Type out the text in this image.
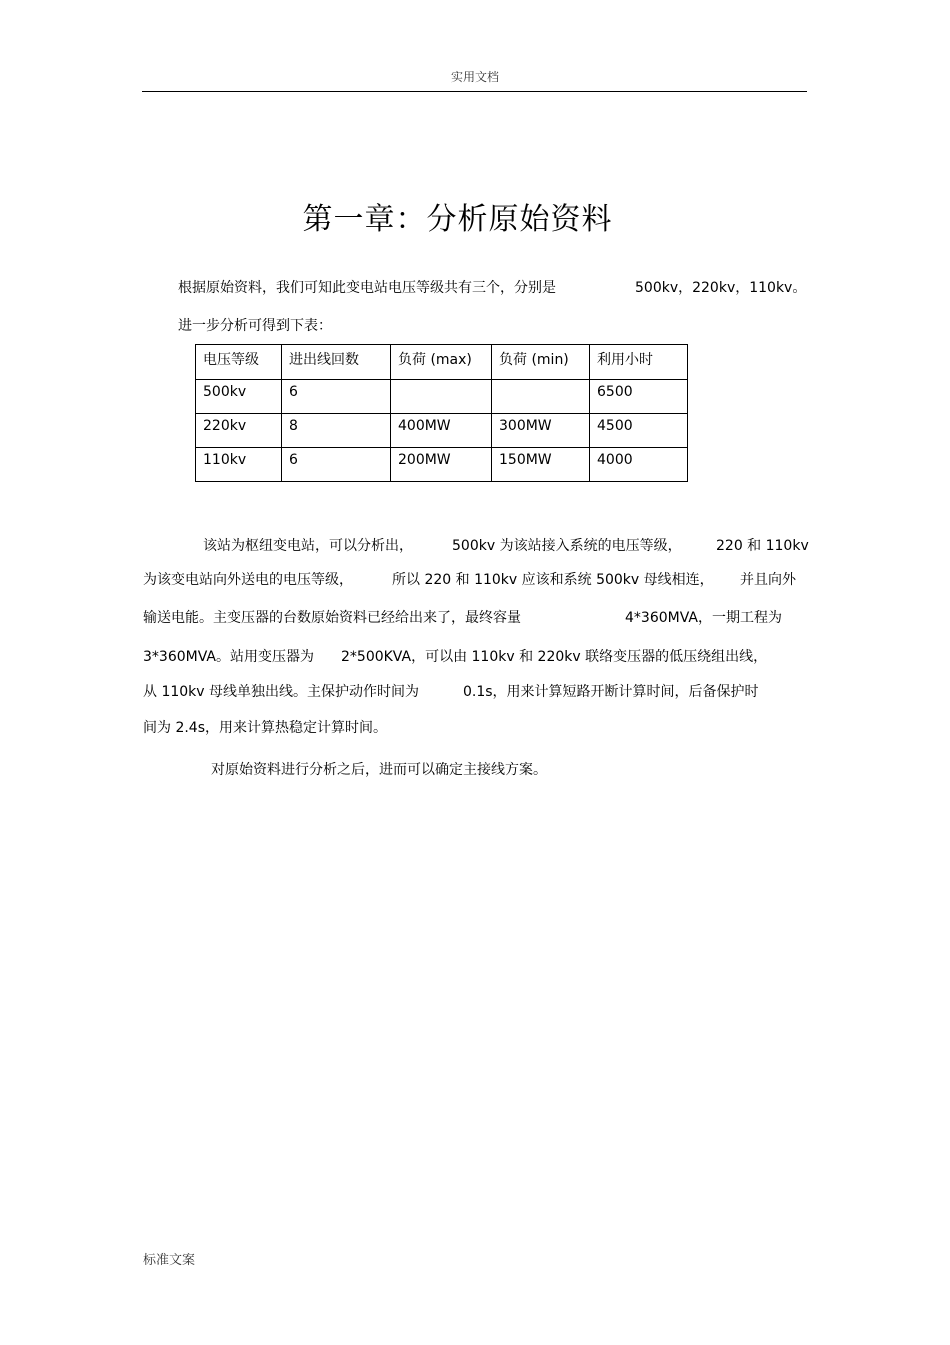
实用文档
第一章：分析原始资料
根据原始资料，我们可知此变电站电压等级共有三个，分别是	500kv，220kv，110kv。
进一步分析可得到下表：
电压等级	进出线回数	负荷 (max)	负荷 (min)	利用小时
500kv	6			6500
220kv	8	400MW	300MW	4500
110kv	6	200MW	150MW	4000
该站为枢纽变电站，可以分析出，	500kv 为该站接入系统的电压等级， 220 和 110kv
为该变电站向外送电的电压等级，	所以 220 和 110kv 应该和系统 500kv 母线相连， 并且向外
输送电能。主变压器的台数原始资料已经给出来了，最终容量	4*360MVA，一期工程为
3*360MVA。站用变压器为 2*500KVA，可以由 110kv 和 220kv 联络变压器的低压绕组出线，
从 110kv 母线单独出线。主保护动作时间为	0.1s，用来计算短路开断计算时间，后备保护时
间为 2.4s，用来计算热稳定计算时间。
对原始资料进行分析之后，进而可以确定主接线方案。
标准文案
